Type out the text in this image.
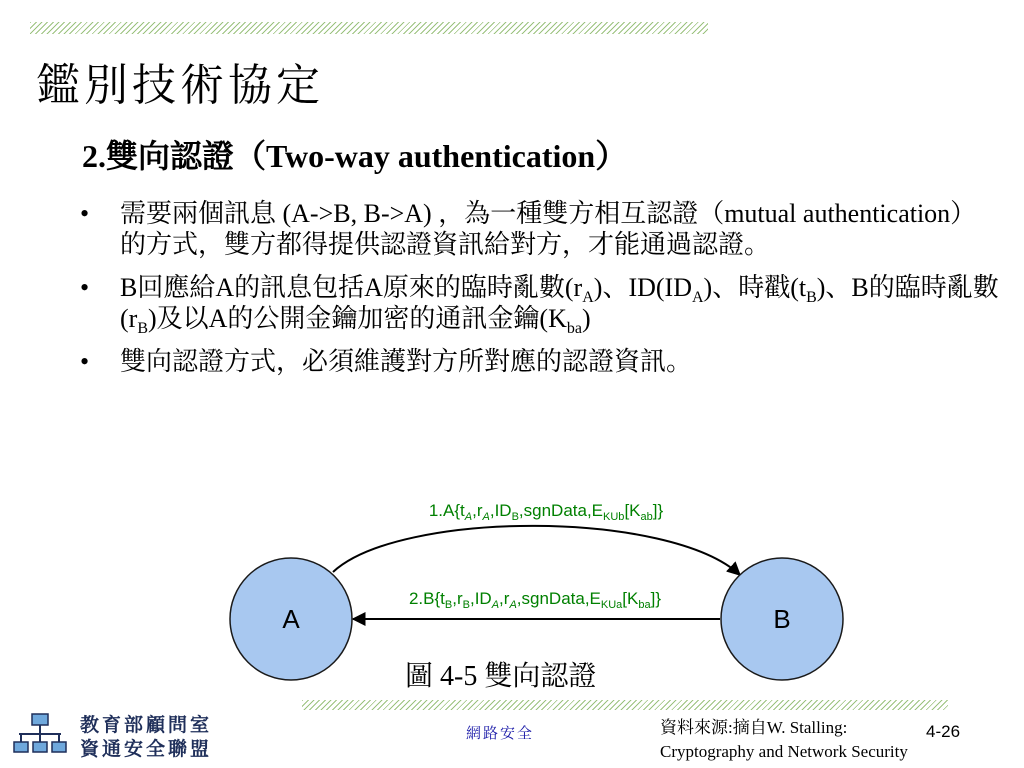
鑑別技術協定
2.雙向認證（Two-way authentication）
• 需要兩個訊息 (A->B, B->A) ，為一種雙方相互認證（mutual authentication）的方式，雙方都得提供認證資訊給對方，才能通過認證。
• B回應給A的訊息包括A原來的臨時亂數$(r_A)$、$ID(ID_A)$、時戳$(t_B)$、B的臨時亂數$(r_B)$及以A的公開金鑰加密的通訊金鑰$(K_{ba})$
• 雙向認證方式，必須維護對方所對應的認證資訊。
$1.A\{t_A,r_A,ID_B,sgnData,E_{KUb}[K_{ab}]\}$
$2.B\{t_B,r_B,ID_A,r_A,sgnData,E_{KUa}[K_{ba}]\}$
A	B
圖 4-5 雙向認證
教育部顧問室
資通安全聯盟
網路安全	資料來源:摘自W. Stalling:
Cryptography and Network Security
4-26
